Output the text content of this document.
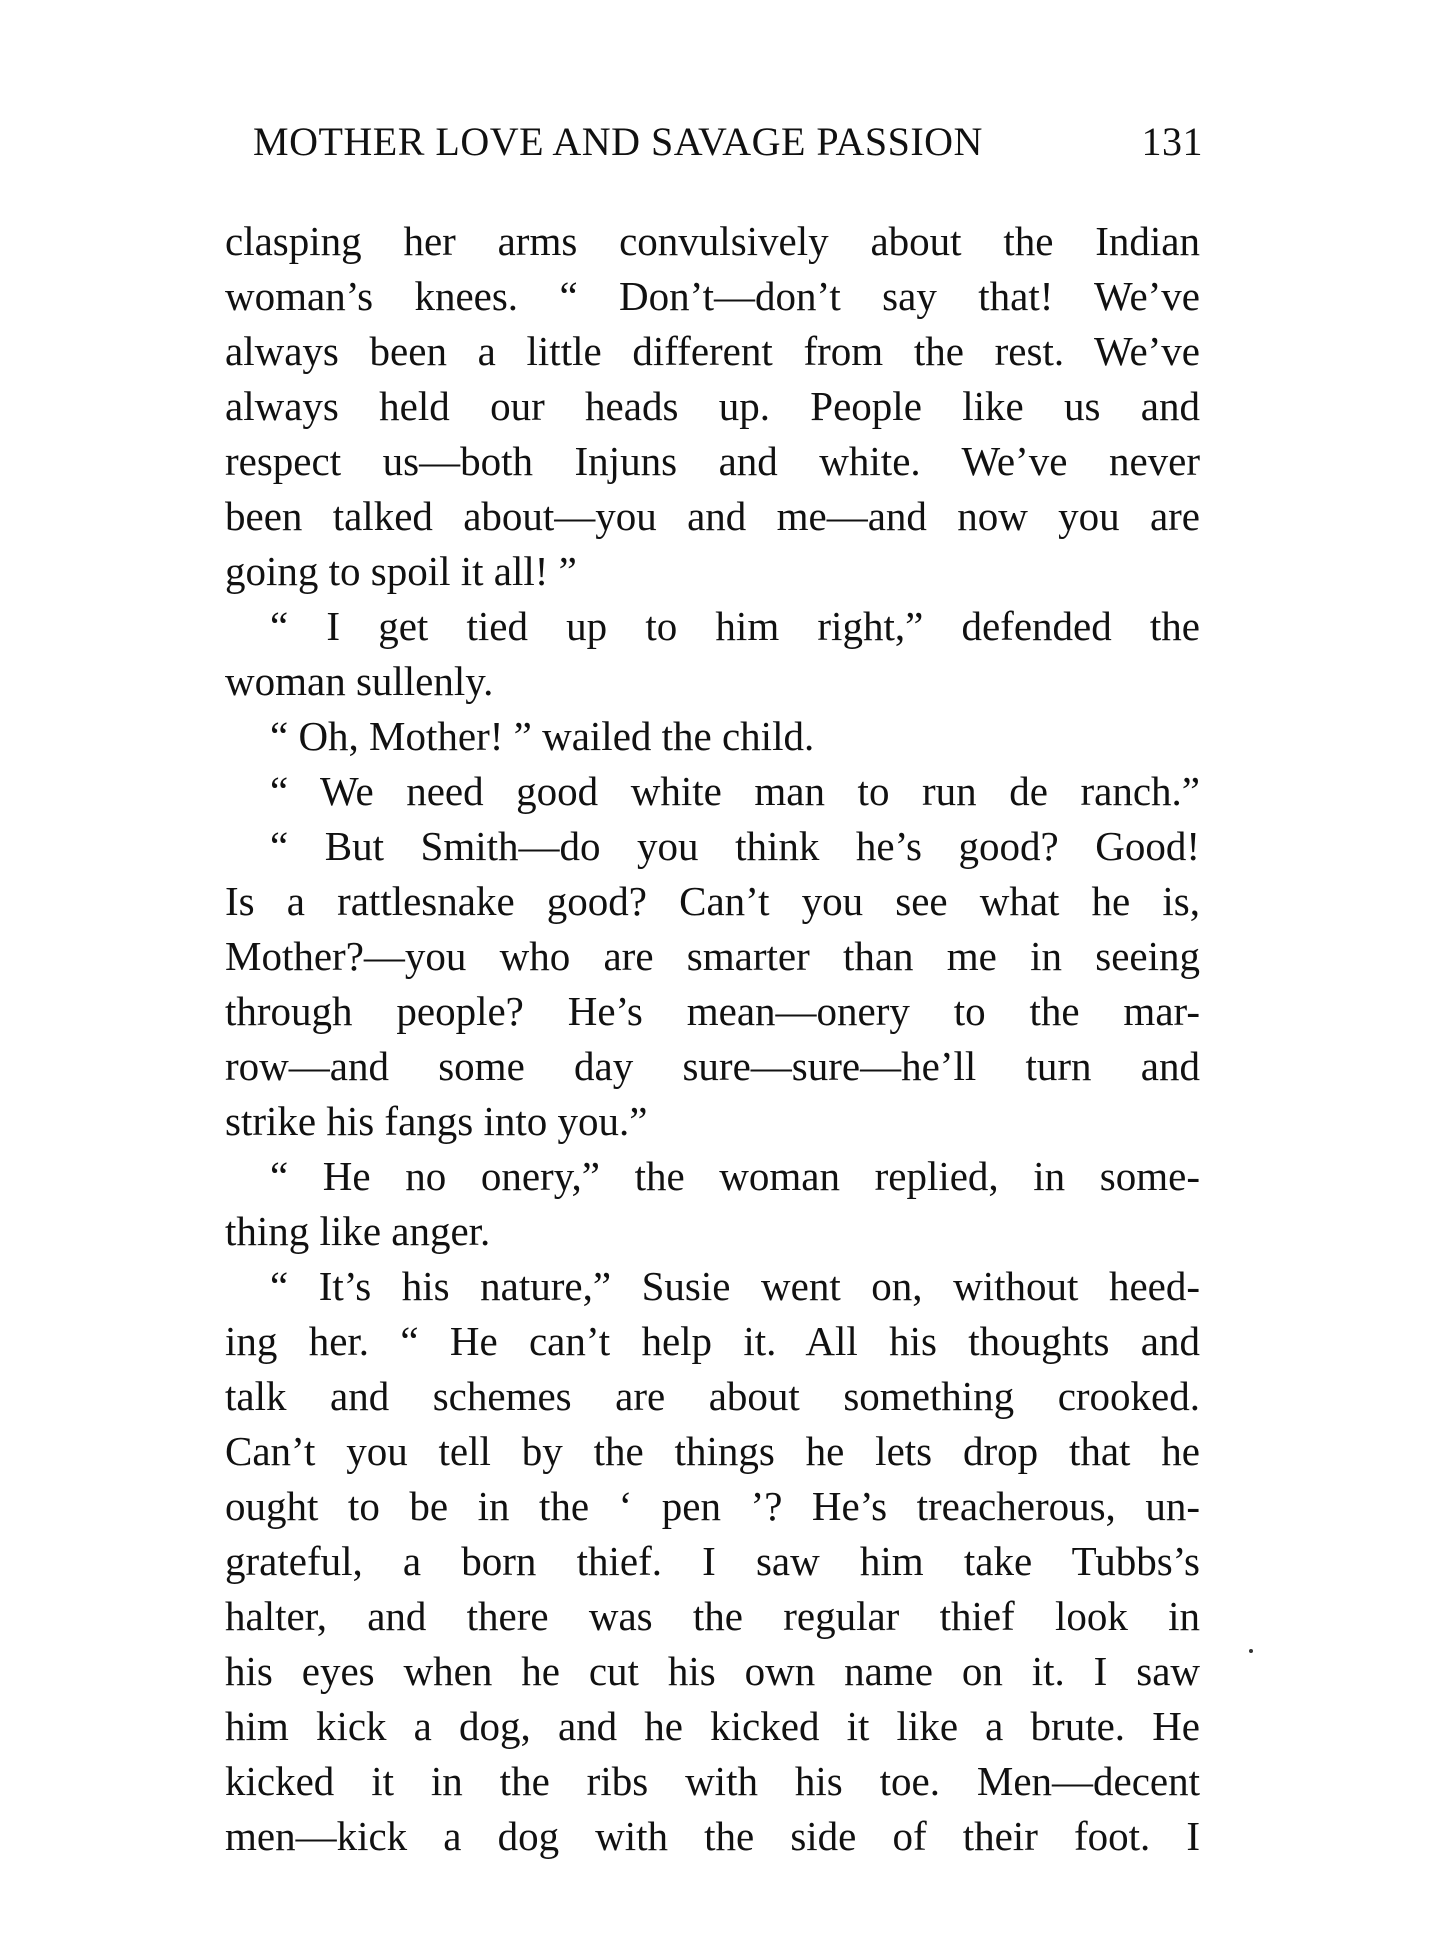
MOTHER LOVE AND SAVAGE PASSION	131
clasping her arms convulsively about the Indian
woman’s knees. “ Don’t—don’t say that! We’ve
always been a little different from the rest. We’ve
always held our heads up. People like us and
respect us—both Injuns and white. We’ve never
been talked about—you and me—and now you are
going to spoil it all! ”
“ I get tied up to him right,” defended the
woman sullenly.
“ Oh, Mother! ” wailed the child.
“ We need good white man to run de ranch.”
“ But Smith—do you think he’s good? Good!
Is a rattlesnake good? Can’t you see what he is,
Mother?—you who are smarter than me in seeing
through people? He’s mean—onery to the mar-
row—and some day sure—sure—he’ll turn and
strike his fangs into you.”
“ He no onery,” the woman replied, in some-
thing like anger.
“ It’s his nature,” Susie went on, without heed-
ing her. “ He can’t help it. All his thoughts and
talk and schemes are about something crooked.
Can’t you tell by the things he lets drop that he
ought to be in the ‘ pen ’? He’s treacherous, un-
grateful, a born thief. I saw him take Tubbs’s
halter, and there was the regular thief look in
his eyes when he cut his own name on it. I saw
him kick a dog, and he kicked it like a brute. He
kicked it in the ribs with his toe. Men—decent
men—kick a dog with the side of their foot. I
